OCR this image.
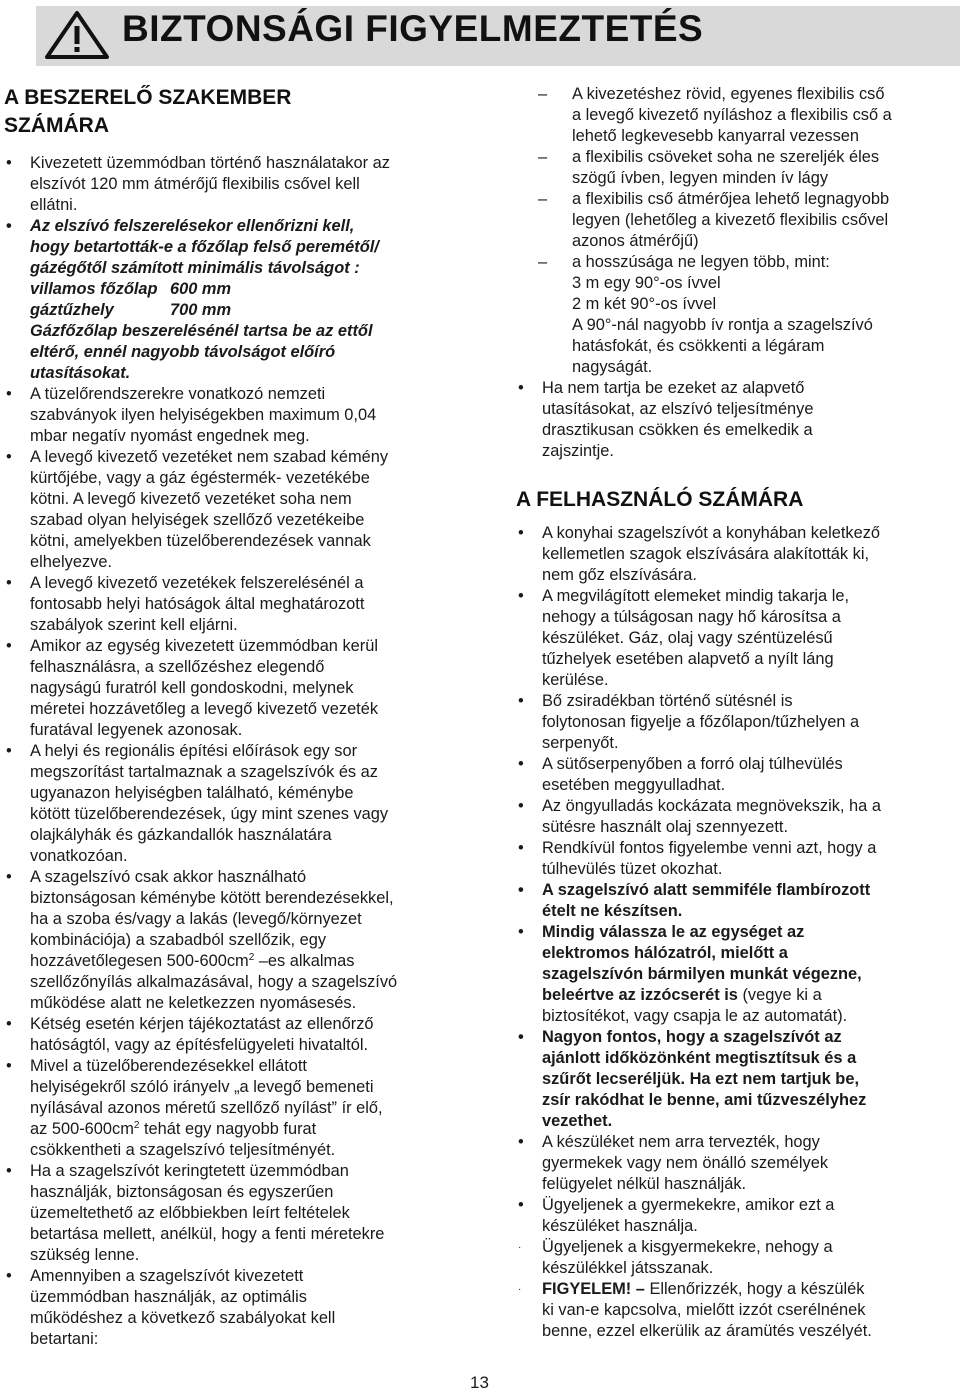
BIZTONSÁGI FIGYELMEZTETÉS
A BESZERELŐ SZAKEMBER
SZÁMÁRA
•	Kivezetett üzemmódban történő használatakor az
elszívót 120 mm átmérőjű flexibilis csővel kell
ellátni.
•	Az elszívó felszerelésekor ellenőrizni kell,
hogy betartották-e a főzőlap felső peremétől/
gázégőtől számított minimális távolságot :
villamos főzőlap 600 mm
gáztűzhely	700 mm
Gázfőzőlap beszerelésénél tartsa be az ettől
eltérő, ennél nagyobb távolságot előíró
utasításokat.
•	A tüzelőrendszerekre vonatkozó nemzeti
szabványok ilyen helyiségekben maximum 0,04
mbar negatív nyomást engednek meg.
•	A levegő kivezető vezetéket nem szabad kémény
kürtőjébe, vagy a gáz égéstermék- vezetékébe
kötni. A levegő kivezető vezetéket soha nem
szabad olyan helyiségek szellőző vezetékeibe
kötni, amelyekben tüzelőberendezések vannak
elhelyezve.
•	A levegő kivezető vezetékek felszerelésénél a
fontosabb helyi hatóságok által meghatározott
szabályok szerint kell eljárni.
•	Amikor az egység kivezetett üzemmódban kerül
felhasználásra, a szellőzéshez elegendő
nagyságú furatról kell gondoskodni, melynek
méretei hozzávetőleg a levegő kivezető vezeték
furatával legyenek azonosak.
•	A helyi és regionális építési előírások egy sor
megszorítást tartalmaznak a szagelszívók és az
ugyanazon helyiségben található, kéménybe
kötött tüzelőberendezések, úgy mint szenes vagy
olajkályhák és gázkandallók használatára
vonatkozóan.
•	A szagelszívó csak akkor használható
biztonságosan kéménybe kötött berendezésekkel,
ha a szoba és/vagy a lakás (levegő/környezet
kombinációja) a szabadból szellőzik, egy
hozzávetőlegesen $500-600cm^2$ –es alkalmas
szellőzőnyílás alkalmazásával, hogy a szagelszívó
működése alatt ne keletkezzen nyomásesés.
•	Kétség esetén kérjen tájékoztatást az ellenőrző
hatóságtól, vagy az építésfelügyeleti hivataltól.
•	Mivel a tüzelőberendezésekkel ellátott
helyiségekről szóló irányelv „a levegő bemeneti
nyílásával azonos méretű szellőző nyílást” ír elő,
az $500-600cm^2$ tehát egy nagyobb furat
csökkentheti a szagelszívó teljesítményét.
•	Ha a szagelszívót keringtetett üzemmódban
használják, biztonságosan és egyszerűen
üzemeltethető az előbbiekben leírt feltételek
betartása mellett, anélkül, hogy a fenti méretekre
szükség lenne.
•	Amennyiben a szagelszívót kivezetett
üzemmódban használják, az optimális
működéshez a következő szabályokat kell
betartani:
–	A kivezetéshez rövid, egyenes flexibilis cső
a levegő kivezető nyíláshoz a flexibilis cső a
lehető legkevesebb kanyarral vezessen
–	a flexibilis csöveket soha ne szereljék éles
szögű ívben, legyen minden ív lágy
–	a flexibilis cső átmérőjea lehető legnagyobb
legyen (lehetőleg a kivezető flexibilis csővel
azonos átmérőjű)
–	a hosszúsága ne legyen több, mint:
3 m egy 90°-os ívvel
2 m két 90°-os ívvel
A 90°-nál nagyobb ív rontja a szagelszívó
hatásfokát, és csökkenti a légáram
nagyságát.
•	Ha nem tartja be ezeket az alapvető
utasításokat, az elszívó teljesítménye
drasztikusan csökken és emelkedik a
zajszintje.
A FELHASZNÁLÓ SZÁMÁRA
•	A konyhai szagelszívót a konyhában keletkező
kellemetlen szagok elszívására alakították ki,
nem gőz elszívására.
•	A megvilágított elemeket mindig takarja le,
nehogy a túlságosan nagy hő károsítsa a
készüléket. Gáz, olaj vagy széntüzelésű
tűzhelyek esetében alapvető a nyílt láng
kerülése.
•	Bő zsiradékban történő sütésnél is
folytonosan figyelje a főzőlapon/tűzhelyen a
serpenyőt.
•	A sütőserpenyőben a forró olaj túlhevülés
esetében meggyulladhat.
•	Az öngyulladás kockázata megnövekszik, ha a
sütésre használt olaj szennyezett.
•	Rendkívül fontos figyelembe venni azt, hogy a
túlhevülés tüzet okozhat.
•	A szagelszívó alatt semmiféle flambírozott
ételt ne készítsen.
•	Mindig válassza le az egységet az
elektromos hálózatról, mielőtt a
szagelszívón bármilyen munkát végezne,
beleértve az izzócserét is (vegye ki a
biztosítékot, vagy csapja le az automatát).
•	Nagyon fontos, hogy a szagelszívót az
ajánlott időközönként megtisztítsuk és a
szűrőt lecseréljük. Ha ezt nem tartjuk be,
zsír rakódhat le benne, ami tűzveszélyhez
vezethet.
•	A készüléket nem arra tervezték, hogy
gyermekek vagy nem önálló személyek
felügyelet nélkül használják.
•	Ügyeljenek a gyermekekre, amikor ezt a
készüléket használja.
·	Ügyeljenek a kisgyermekekre, nehogy a
készülékkel játsszanak.
·	FIGYELEM! – Ellenőrizzék, hogy a készülék
ki van-e kapcsolva, mielőtt izzót cserélnének
benne, ezzel elkerülik az áramütés veszélyét.
13
